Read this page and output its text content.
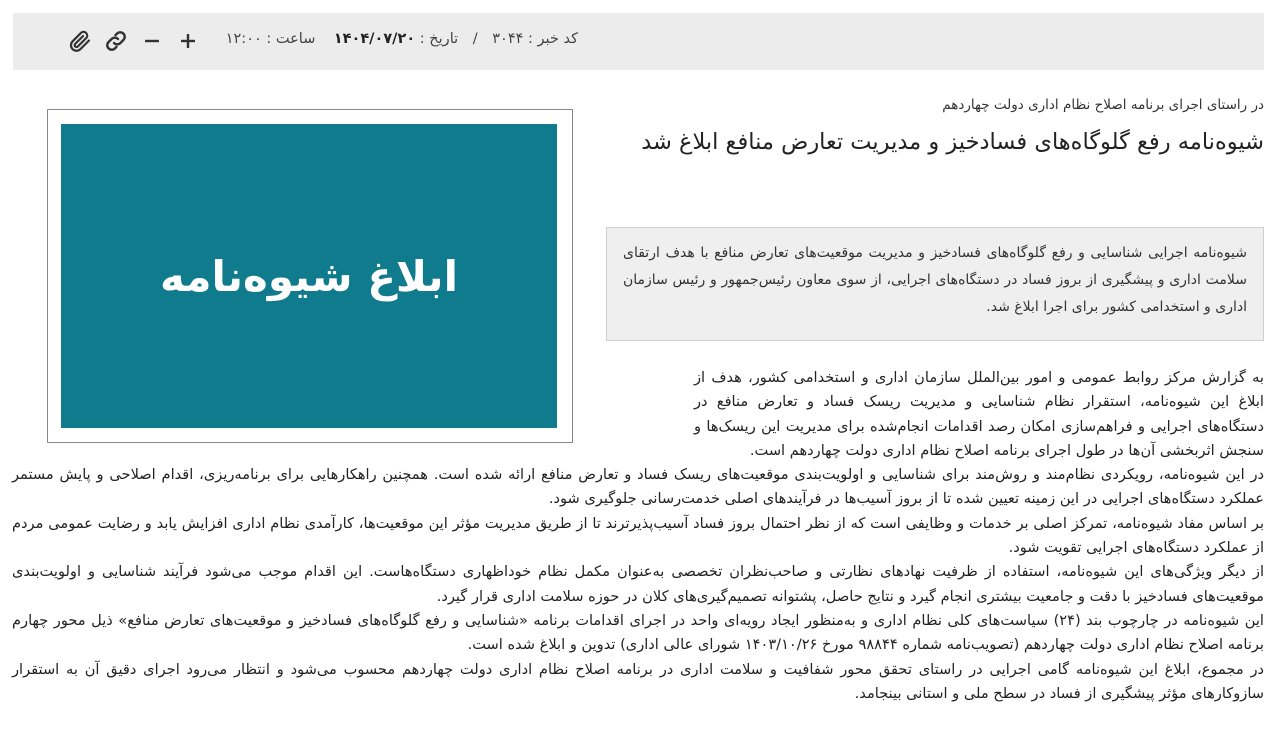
کد خبر : ۳۰۴۴ / تاریخ : ۱۴۰۴/۰۷/۲۰    ساعت : ۱۲:۰۰
در راستای اجرای برنامه اصلاح نظام اداری دولت چهاردهم
شیوه‌نامه رفع گلوگاه‌های فسادخیز و مدیریت تعارض منافع ابلاغ شد
شیوه‌نامه اجرایی شناسایی و رفع گلوگاه‌های فسادخیز و مدیریت موقعیت‌های تعارض منافع با هدف ارتقای سلامت اداری و پیشگیری از بروز فساد در دستگاه‌های اجرایی، از سوی معاون رئیس‌جمهور و رئیس سازمان اداری و استخدامی کشور برای اجرا ابلاغ شد.
ابلاغ شیوه‌نامه

به گزارش مرکز روابط عمومی و امور بین‌الملل سازمان اداری و استخدامی کشور، هدف از ابلاغ این شیوه‌نامه، استقرار نظام شناسایی و مدیریت ریسک فساد و تعارض منافع در دستگاه‌های اجرایی و فراهم‌سازی امکان رصد اقدامات انجام‌شده برای مدیریت این ریسک‌ها و سنجش اثربخشی آن‌ها در طول اجرای برنامه اصلاح نظام اداری دولت چهاردهم است.

در این شیوه‌نامه، رویکردی نظام‌مند و روش‌مند برای شناسایی و اولویت‌بندی موقعیت‌های ریسک فساد و تعارض منافع ارائه شده است. همچنین راهکارهایی برای برنامه‌ریزی، اقدام اصلاحی و پایش مستمر عملکرد دستگاه‌های اجرایی در این زمینه تعیین شده تا از بروز آسیب‌ها در فرآیندهای اصلی خدمت‌رسانی جلوگیری شود.

بر اساس مفاد شیوه‌نامه، تمرکز اصلی بر خدمات و وظایفی است که از نظر احتمال بروز فساد آسیب‌پذیرترند تا از طریق مدیریت مؤثر این موقعیت‌ها، کارآمدی نظام اداری افزایش یابد و رضایت عمومی مردم از عملکرد دستگاه‌های اجرایی تقویت شود.

از دیگر ویژگی‌های این شیوه‌نامه، استفاده از ظرفیت نهادهای نظارتی و صاحب‌نظران تخصصی به‌عنوان مکمل نظام خوداظهاری دستگاه‌هاست. این اقدام موجب می‌شود فرآیند شناسایی و اولویت‌بندی موقعیت‌های فسادخیز با دقت و جامعیت بیشتری انجام گیرد و نتایج حاصل، پشتوانه تصمیم‌گیری‌های کلان در حوزه سلامت اداری قرار گیرد.

این شیوه‌نامه در چارچوب بند (۲۴) سیاست‌های کلی نظام اداری و به‌منظور ایجاد رویه‌ای واحد در اجرای اقدامات برنامه «شناسایی و رفع گلوگاه‌های فسادخیز و موقعیت‌های تعارض منافع» ذیل محور چهارم برنامه اصلاح نظام اداری دولت چهاردهم (تصویب‌نامه شماره ۹۸۸۴۴ مورخ ۱۴۰۳/۱۰/۲۶ شورای عالی اداری) تدوین و ابلاغ شده است.

در مجموع، ابلاغ این شیوه‌نامه گامی اجرایی در راستای تحقق محور شفافیت و سلامت اداری در برنامه اصلاح نظام اداری دولت چهاردهم محسوب می‌شود و انتظار می‌رود اجرای دقیق آن به استقرار سازوکارهای مؤثر پیشگیری از فساد در سطح ملی و استانی بینجامد.
